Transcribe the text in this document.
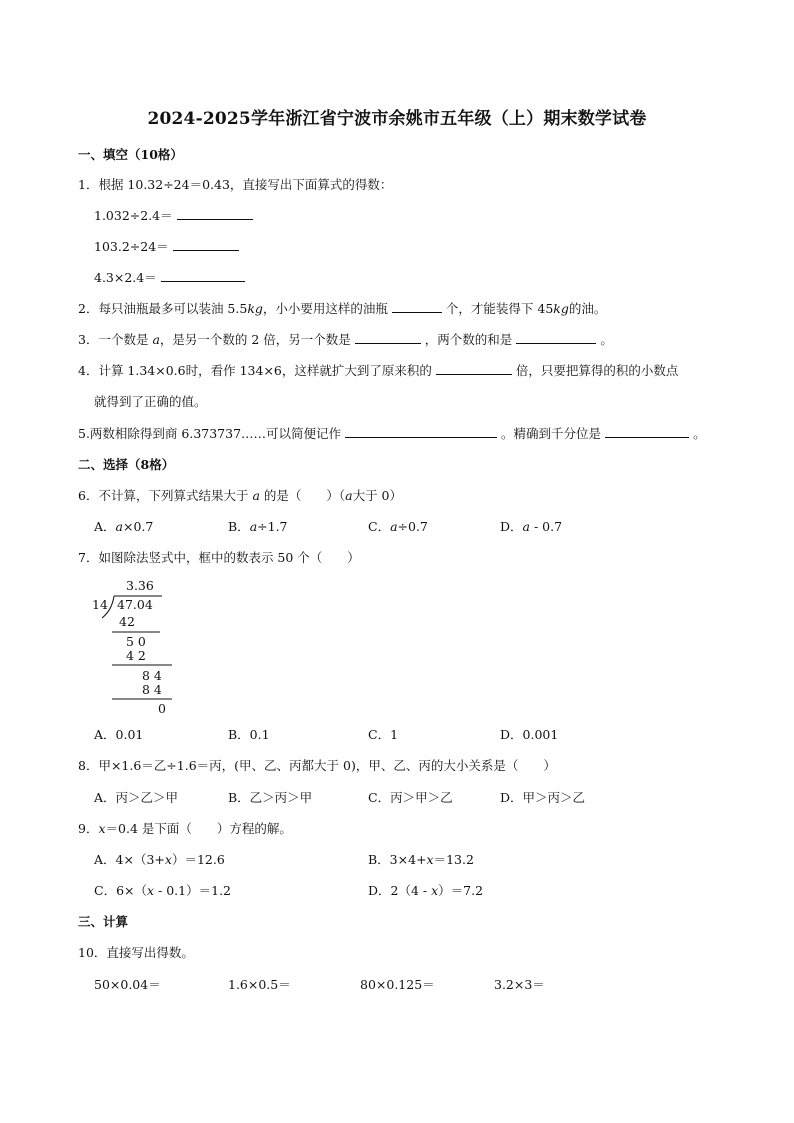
2024-2025学年浙江省宁波市余姚市五年级（上）期末数学试卷
一、填空（10格）
1．根据 10.32÷24＝0.43，直接写出下面算式的得数：
1.032÷2.4＝
103.2÷24＝
4.3×2.4＝
2．每只油瓶最多可以装油 5.5kg，小小要用这样的油瓶	个，才能装得下 45kg的油。
3．一个数是 a，是另一个数的 2 倍，另一个数是	，两个数的和是	。
4．计算 1.34×0.6时，看作 134×6，这样就扩大到了原来积的	倍，只要把算得的积的小数点
就得到了正确的值。
5.两数相除得到商 6.373737……可以简便记作	。精确到千分位是	。
二、选择（8格）
6．不计算，下列算式结果大于 a 的是（　　）（a大于 0）
A．a×0.7	B．a÷1.7	C．a÷0.7	D．a - 0.7
7．如图除法竖式中，框中的数表示 50 个（　　）
3.36
14 47.04
42
5 0
4 2
8 4
8 4
0
A．0.01	B．0.1	C．1	D．0.001
8．甲×1.6＝乙÷1.6＝丙，(甲、乙、丙都大于 0)，甲、乙、丙的大小关系是（　　）
A．丙＞乙＞甲	B．乙＞丙＞甲	C．丙＞甲＞乙	D．甲＞丙＞乙
9．x＝0.4 是下面（　　）方程的解。
A．4×（3+x）＝12.6	B．3×4+x＝13.2
C．6×（x - 0.1）＝1.2	D．2（4 - x）＝7.2
三、计算
10．直接写出得数。
50×0.04＝	1.6×0.5＝	80×0.125＝	3.2×3＝
